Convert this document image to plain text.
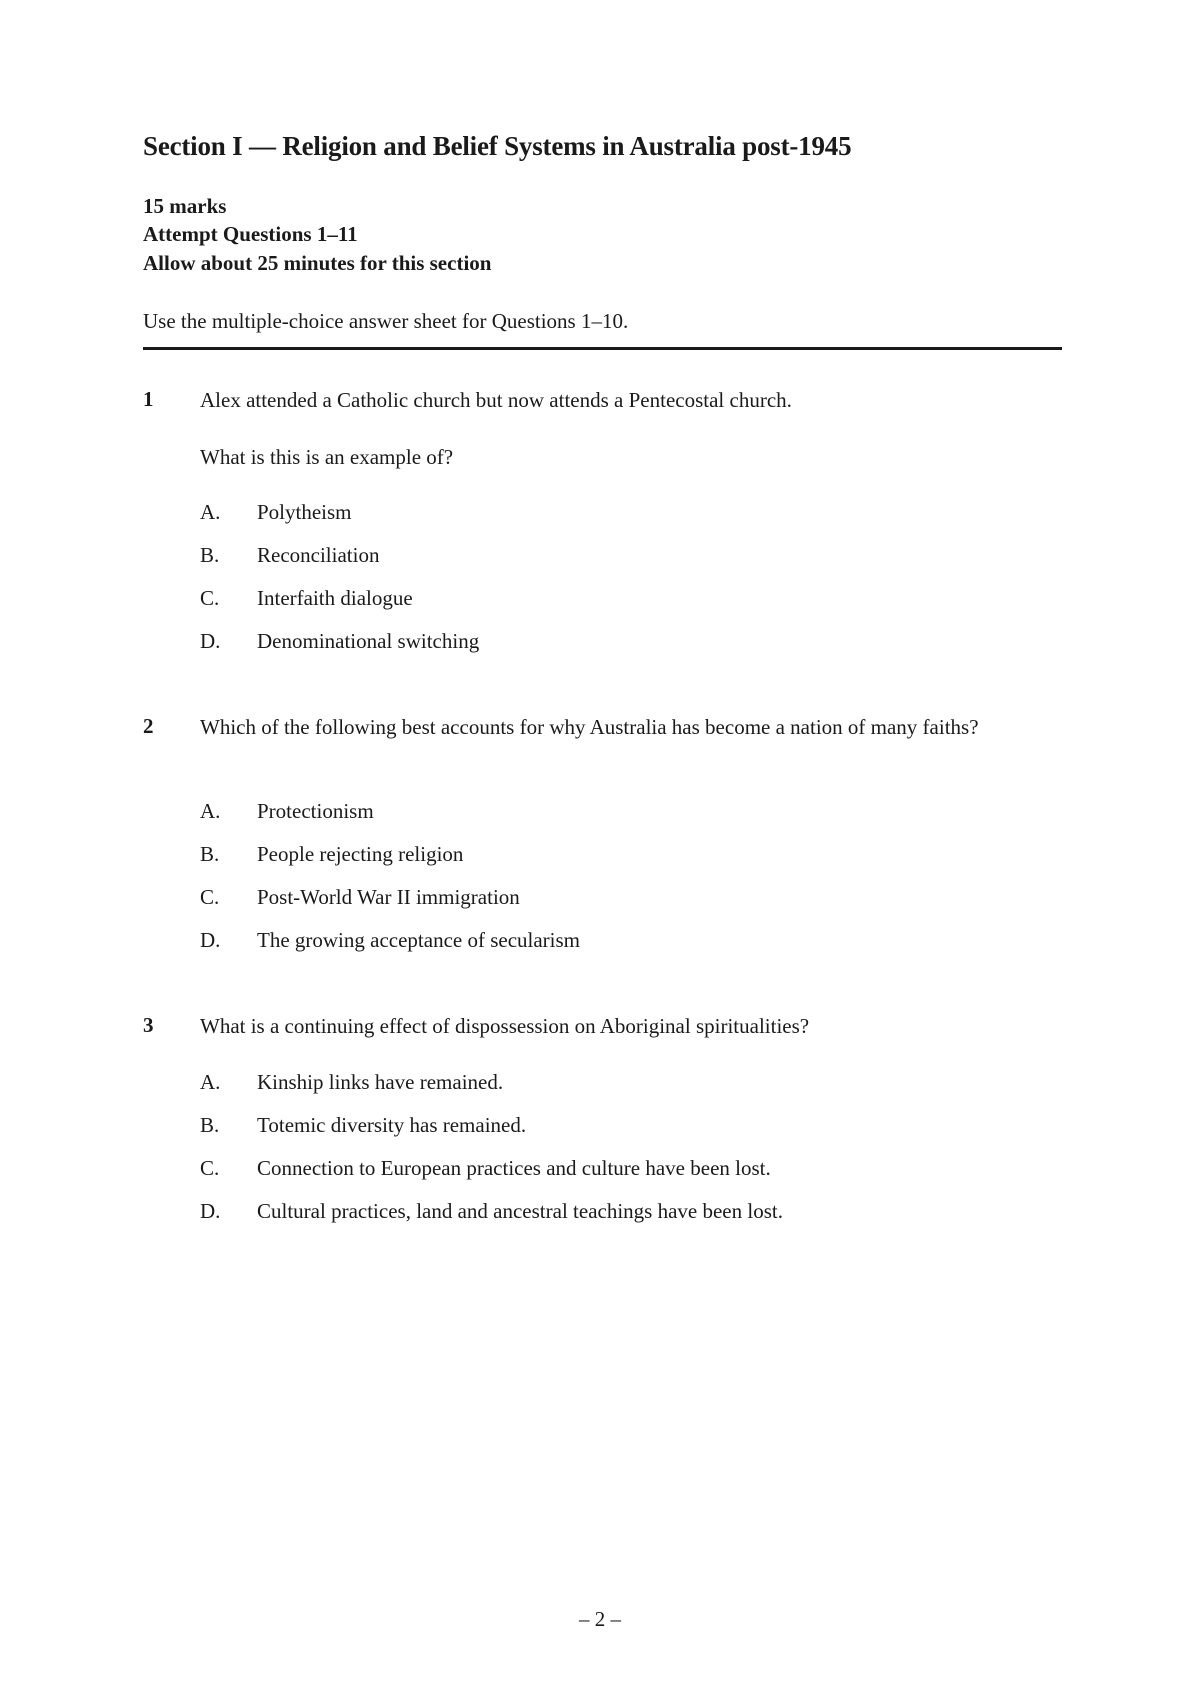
Section I — Religion and Belief Systems in Australia post-1945
15 marks
Attempt Questions 1–11
Allow about 25 minutes for this section
Use the multiple-choice answer sheet for Questions 1–10.
1 Alex attended a Catholic church but now attends a Pentecostal church.
What is this is an example of?
A. Polytheism
B. Reconciliation
C. Interfaith dialogue
D. Denominational switching
2 Which of the following best accounts for why Australia has become a nation of many faiths?
A. Protectionism
B. People rejecting religion
C. Post-World War II immigration
D. The growing acceptance of secularism
3 What is a continuing effect of dispossession on Aboriginal spiritualities?
A. Kinship links have remained.
B. Totemic diversity has remained.
C. Connection to European practices and culture have been lost.
D. Cultural practices, land and ancestral teachings have been lost.
– 2 –
